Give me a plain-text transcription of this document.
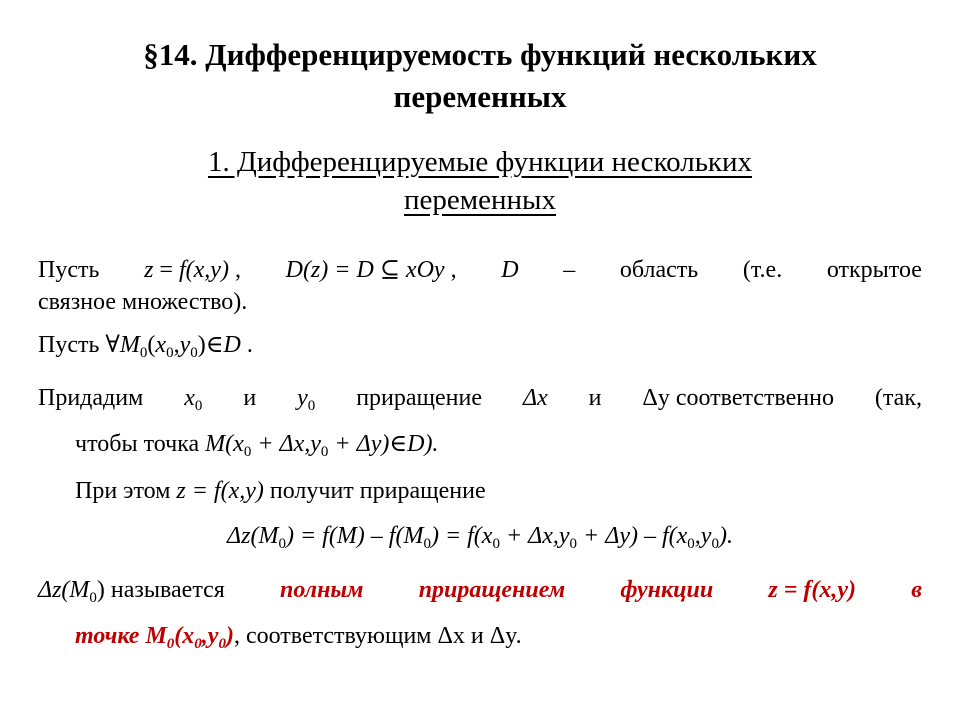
§14. Дифференцируемость функций нескольких
переменных
1. Дифференцируемые функции нескольких
переменных
Пусть z = f(x,y) , D(z) = D ⊆ xOy , D – область (т.е. открытое
связное множество).
Пусть $\forall M_0(x_0,y_0)\in D$ .
Придадим $x_0$ и $y_0$ приращение Δx и Δy соответственно (так,
чтобы точка $M(x_0 + \Delta x,y_0$ + Δy)∈D).
При этом z = f(x,y) получит приращение
$\Delta z(M_0) = f(M) - f(M_0) = f(x_0 + \Delta x,y_0 + \Delta y) - f(x_0,y_0)$.
$\Delta z(M_0)$ называется полным приращением функции z = f(x,y) в
точке $M_0(x_0,y_0)$, соответствующим Δx и Δy.
